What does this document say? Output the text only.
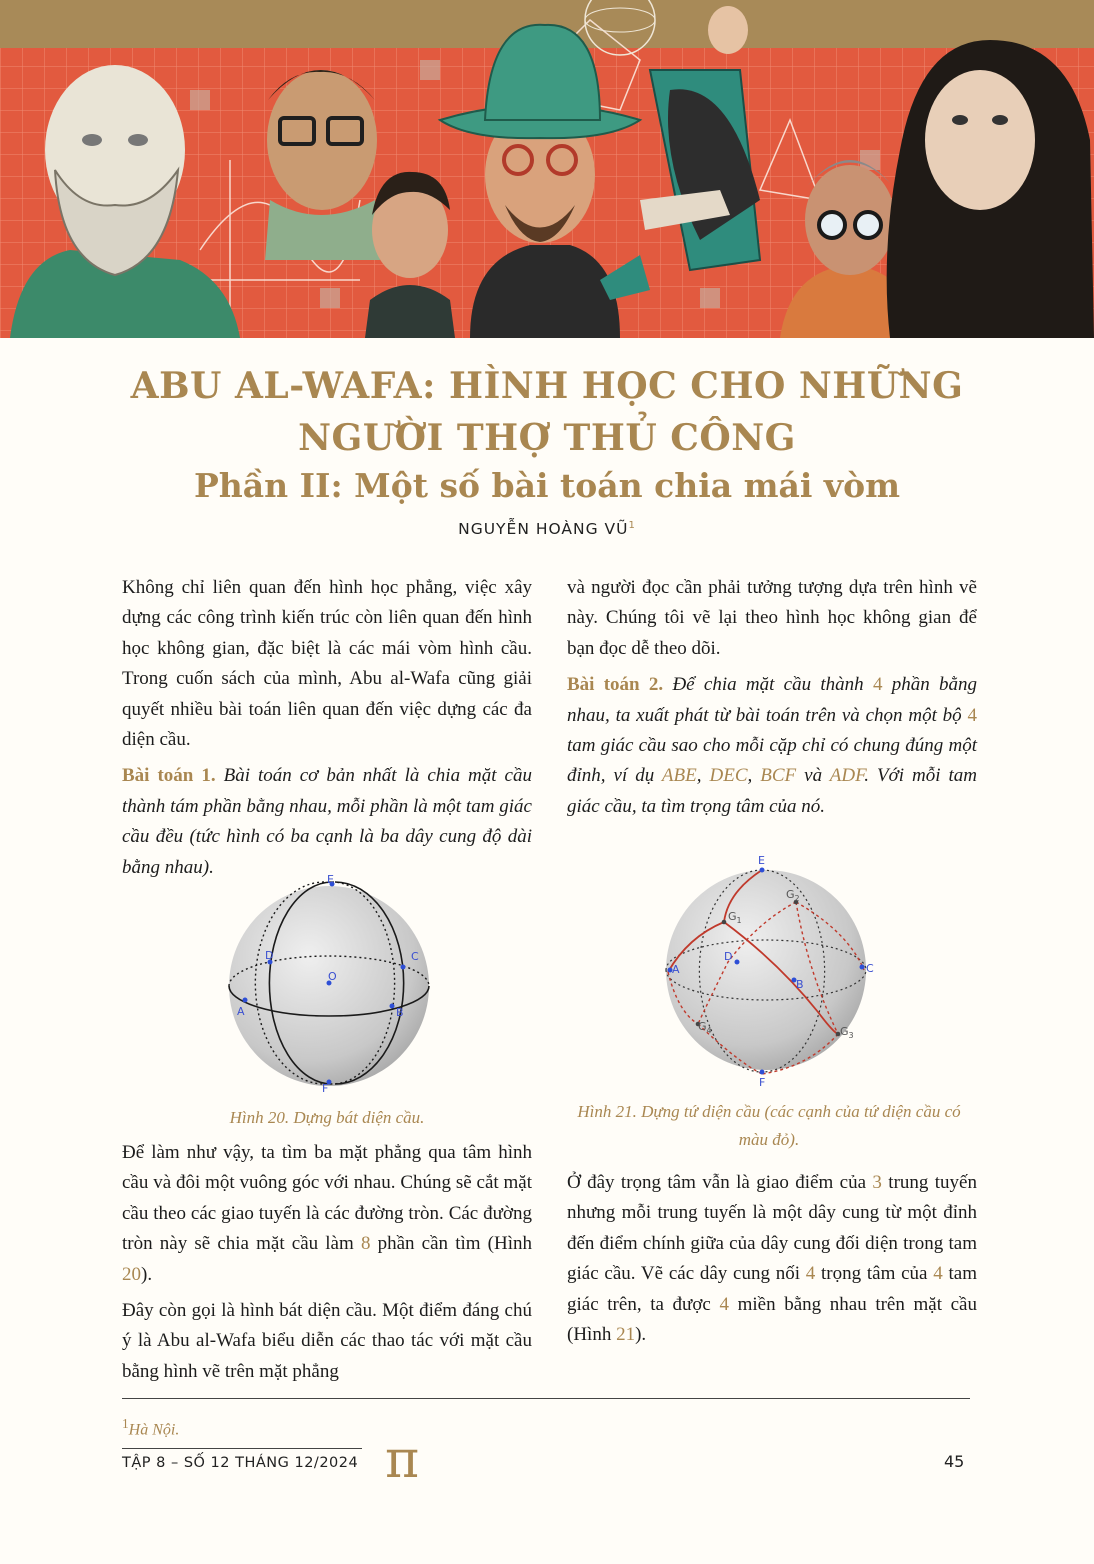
ABU AL-WAFA: HÌNH HỌC CHO NHỮNG
NGƯỜI THỢ THỦ CÔNG
Phần II: Một số bài toán chia mái vòm
NGUYỄN HOÀNG $VŨ^1$

Không chỉ liên quan đến hình học phẳng, việc xây dựng các công trình kiến trúc còn liên quan đến hình học không gian, đặc biệt là các mái vòm hình cầu. Trong cuốn sách của mình, Abu al-Wafa cũng giải quyết nhiều bài toán liên quan đến việc dựng các đa diện cầu.

Bài toán 1. Bài toán cơ bản nhất là chia mặt cầu thành tám phần bằng nhau, mỗi phần là một tam giác cầu đều (tức hình có ba cạnh là ba dây cung độ dài bằng nhau).

E
D	C
O
A	B
F
Hình 20. Dựng bát diện cầu.

Để làm như vậy, ta tìm ba mặt phẳng qua tâm hình cầu và đôi một vuông góc với nhau. Chúng sẽ cắt mặt cầu theo các giao tuyến là các đường tròn. Các đường tròn này sẽ chia mặt cầu làm 8 phần cần tìm (Hình 20).

Đây còn gọi là hình bát diện cầu. Một điểm đáng chú ý là Abu al-Wafa biểu diễn các thao tác với mặt cầu bằng hình vẽ trên mặt phẳng

và người đọc cần phải tưởng tượng dựa trên hình vẽ này. Chúng tôi vẽ lại theo hình học không gian để bạn đọc dễ theo dõi.

Bài toán 2. Để chia mặt cầu thành 4 phần bằng nhau, ta xuất phát từ bài toán trên và chọn một bộ 4 tam giác cầu sao cho mỗi cặp chỉ có chung đúng một đỉnh, ví dụ ABE, DEC, BCF và ADF. Với mỗi tam giác cầu, ta tìm trọng tâm của nó.

E
$G_1$
$G_2$
A
D
B
C
$G_4$	$G_3$
F
Hình 21. Dựng tứ diện cầu (các cạnh của tứ diện cầu có màu đỏ).

Ở đây trọng tâm vẫn là giao điểm của 3 trung tuyến nhưng mỗi trung tuyến là một dây cung từ một đỉnh đến điểm chính giữa của dây cung đối diện trong tam giác cầu. Vẽ các dây cung nối 4 trọng tâm của 4 tam giác trên, ta được 4 miền bằng nhau trên mặt cầu (Hình 21).

$^1$Hà Nội.
TẬP 8 – SỐ 12 THÁNG 12/2024 π	45
